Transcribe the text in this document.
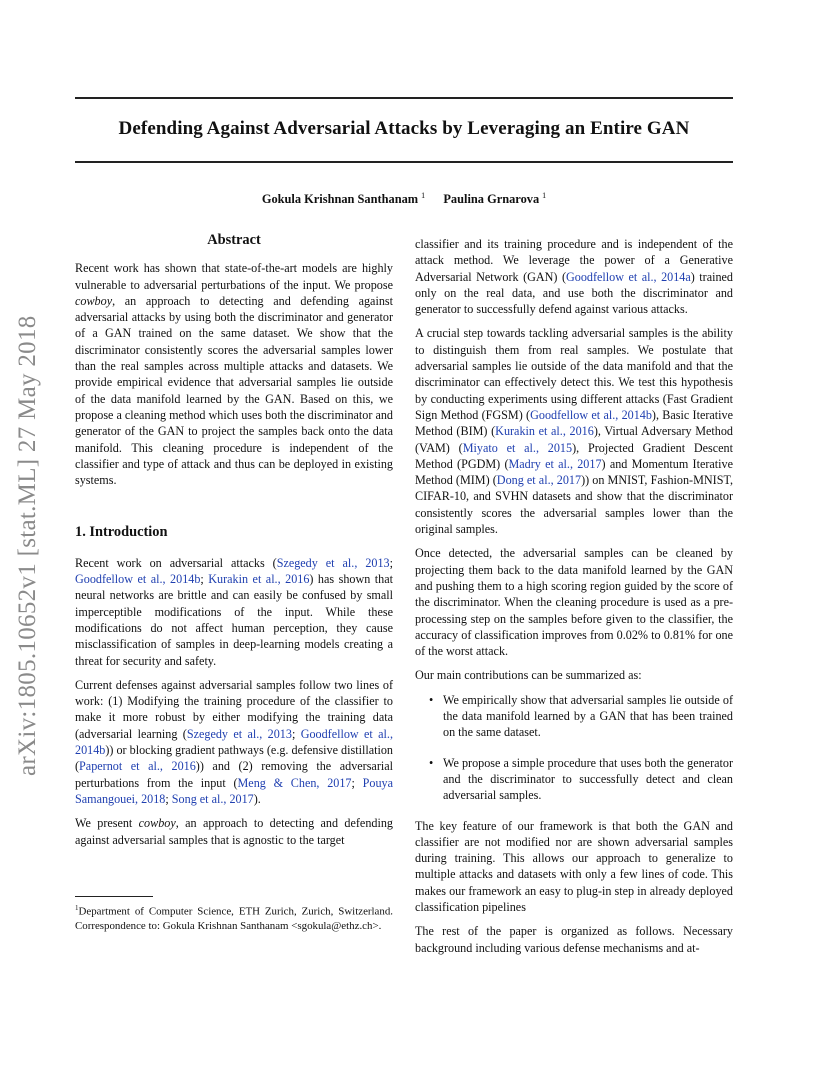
Defending Against Adversarial Attacks by Leveraging an Entire GAN
Gokula Krishnan Santhanam $^1$ Paulina Grnarova $^1$
arXiv:1805.10652v1 [stat.ML] 27 May 2018
Abstract

Recent work has shown that state-of-the-art models are highly vulnerable to adversarial perturbations of the input. We propose cowboy, an approach to detecting and defending against adversarial attacks by using both the discriminator and generator of a GAN trained on the same dataset. We show that the discriminator consistently scores the adversarial samples lower than the real samples across multiple attacks and datasets. We provide empirical evidence that adversarial samples lie outside of the data manifold learned by the GAN. Based on this, we propose a cleaning method which uses both the discriminator and generator of the GAN to project the samples back onto the data manifold. This cleaning procedure is independent of the classifier and type of attack and thus can be deployed in existing systems.

1. Introduction

Recent work on adversarial attacks (Szegedy et al., 2013; Goodfellow et al., 2014b; Kurakin et al., 2016) has shown that neural networks are brittle and can easily be confused by small imperceptible modifications of the input. While these modifications do not affect human perception, they cause misclassification of samples in deep-learning models creating a threat for security and safety.

Current defenses against adversarial samples follow two lines of work: (1) Modifying the training procedure of the classifier to make it more robust by either modifying the training data (adversarial learning (Szegedy et al., 2013; Goodfellow et al., 2014b)) or blocking gradient pathways (e.g. defensive distillation (Papernot et al., 2016)) and (2) removing the adversarial perturbations from the input (Meng & Chen, 2017; Pouya Samangouei, 2018; Song et al., 2017).

We present cowboy, an approach to detecting and defending against adversarial samples that is agnostic to the target

$^1$Department of Computer Science, ETH Zurich, Zurich, Switzerland. Correspondence to: Gokula Krishnan Santhanam <sgokula@ethz.ch>.

classifier and its training procedure and is independent of the attack method. We leverage the power of a Generative Adversarial Network (GAN) (Goodfellow et al., 2014a) trained only on the real data, and use both the discriminator and generator to successfully defend against various attacks.

A crucial step towards tackling adversarial samples is the ability to distinguish them from real samples. We postulate that adversarial samples lie outside of the data manifold and that the discriminator can effectively detect this. We test this hypothesis by conducting experiments using different attacks (Fast Gradient Sign Method (FGSM) (Goodfellow et al., 2014b), Basic Iterative Method (BIM) (Kurakin et al., 2016), Virtual Adversary Method (VAM) (Miyato et al., 2015), Projected Gradient Descent Method (PGDM) (Madry et al., 2017) and Momentum Iterative Method (MIM) (Dong et al., 2017)) on MNIST, Fashion-MNIST, CIFAR-10, and SVHN datasets and show that the discriminator consistently scores the adversarial samples lower than the original samples.

Once detected, the adversarial samples can be cleaned by projecting them back to the data manifold learned by the GAN and pushing them to a high scoring region guided by the score of the discriminator. When the cleaning procedure is used as a pre-processing step on the samples before given to the classifier, the accuracy of classification improves from 0.02% to 0.81% for one of the worst attack.

Our main contributions can be summarized as:

• We empirically show that adversarial samples lie outside of the data manifold learned by a GAN that has been trained on the same dataset.
• We propose a simple procedure that uses both the generator and the discriminator to successfully detect and clean adversarial samples.

The key feature of our framework is that both the GAN and classifier are not modified nor are shown adversarial samples during training. This allows our approach to generalize to multiple attacks and datasets with only a few lines of code. This makes our framework an easy to plug-in step in already deployed classification pipelines

The rest of the paper is organized as follows. Necessary background including various defense mechanisms and at-
